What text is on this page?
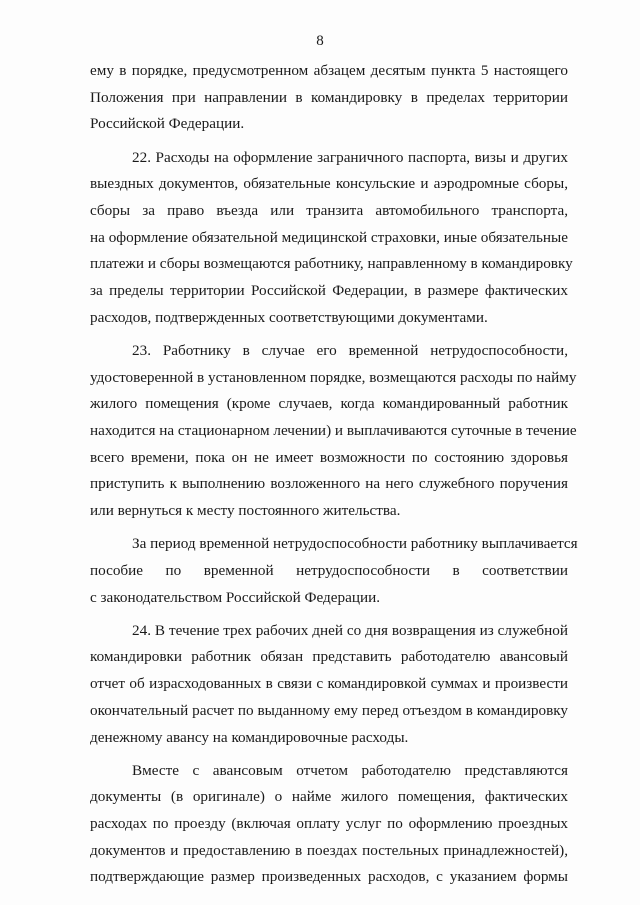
8
ему в порядке, предусмотренном абзацем десятым пункта 5 настоящего
Положения при направлении в командировку в пределах территории
Российской Федерации.
22. Расходы на оформление заграничного паспорта, визы и других
выездных документов, обязательные консульские и аэродромные сборы,
сборы за право въезда или транзита автомобильного транспорта,
на оформление обязательной медицинской страховки, иные обязательные
платежи и сборы возмещаются работнику, направленному в командировку
за пределы территории Российской Федерации, в размере фактических
расходов, подтвержденных соответствующими документами.
23. Работнику в случае его временной нетрудоспособности,
удостоверенной в установленном порядке, возмещаются расходы по найму
жилого помещения (кроме случаев, когда командированный работник
находится на стационарном лечении) и выплачиваются суточные в течение
всего времени, пока он не имеет возможности по состоянию здоровья
приступить к выполнению возложенного на него служебного поручения
или вернуться к месту постоянного жительства.
За период временной нетрудоспособности работнику выплачивается
пособие по временной нетрудоспособности в соответствии
с законодательством Российской Федерации.
24. В течение трех рабочих дней со дня возвращения из служебной
командировки работник обязан представить работодателю авансовый
отчет об израсходованных в связи с командировкой суммах и произвести
окончательный расчет по выданному ему перед отъездом в командировку
денежному авансу на командировочные расходы.
Вместе с авансовым отчетом работодателю представляются
документы (в оригинале) о найме жилого помещения, фактических
расходах по проезду (включая оплату услуг по оформлению проездных
документов и предоставлению в поездах постельных принадлежностей),
подтверждающие размер произведенных расходов, с указанием формы
